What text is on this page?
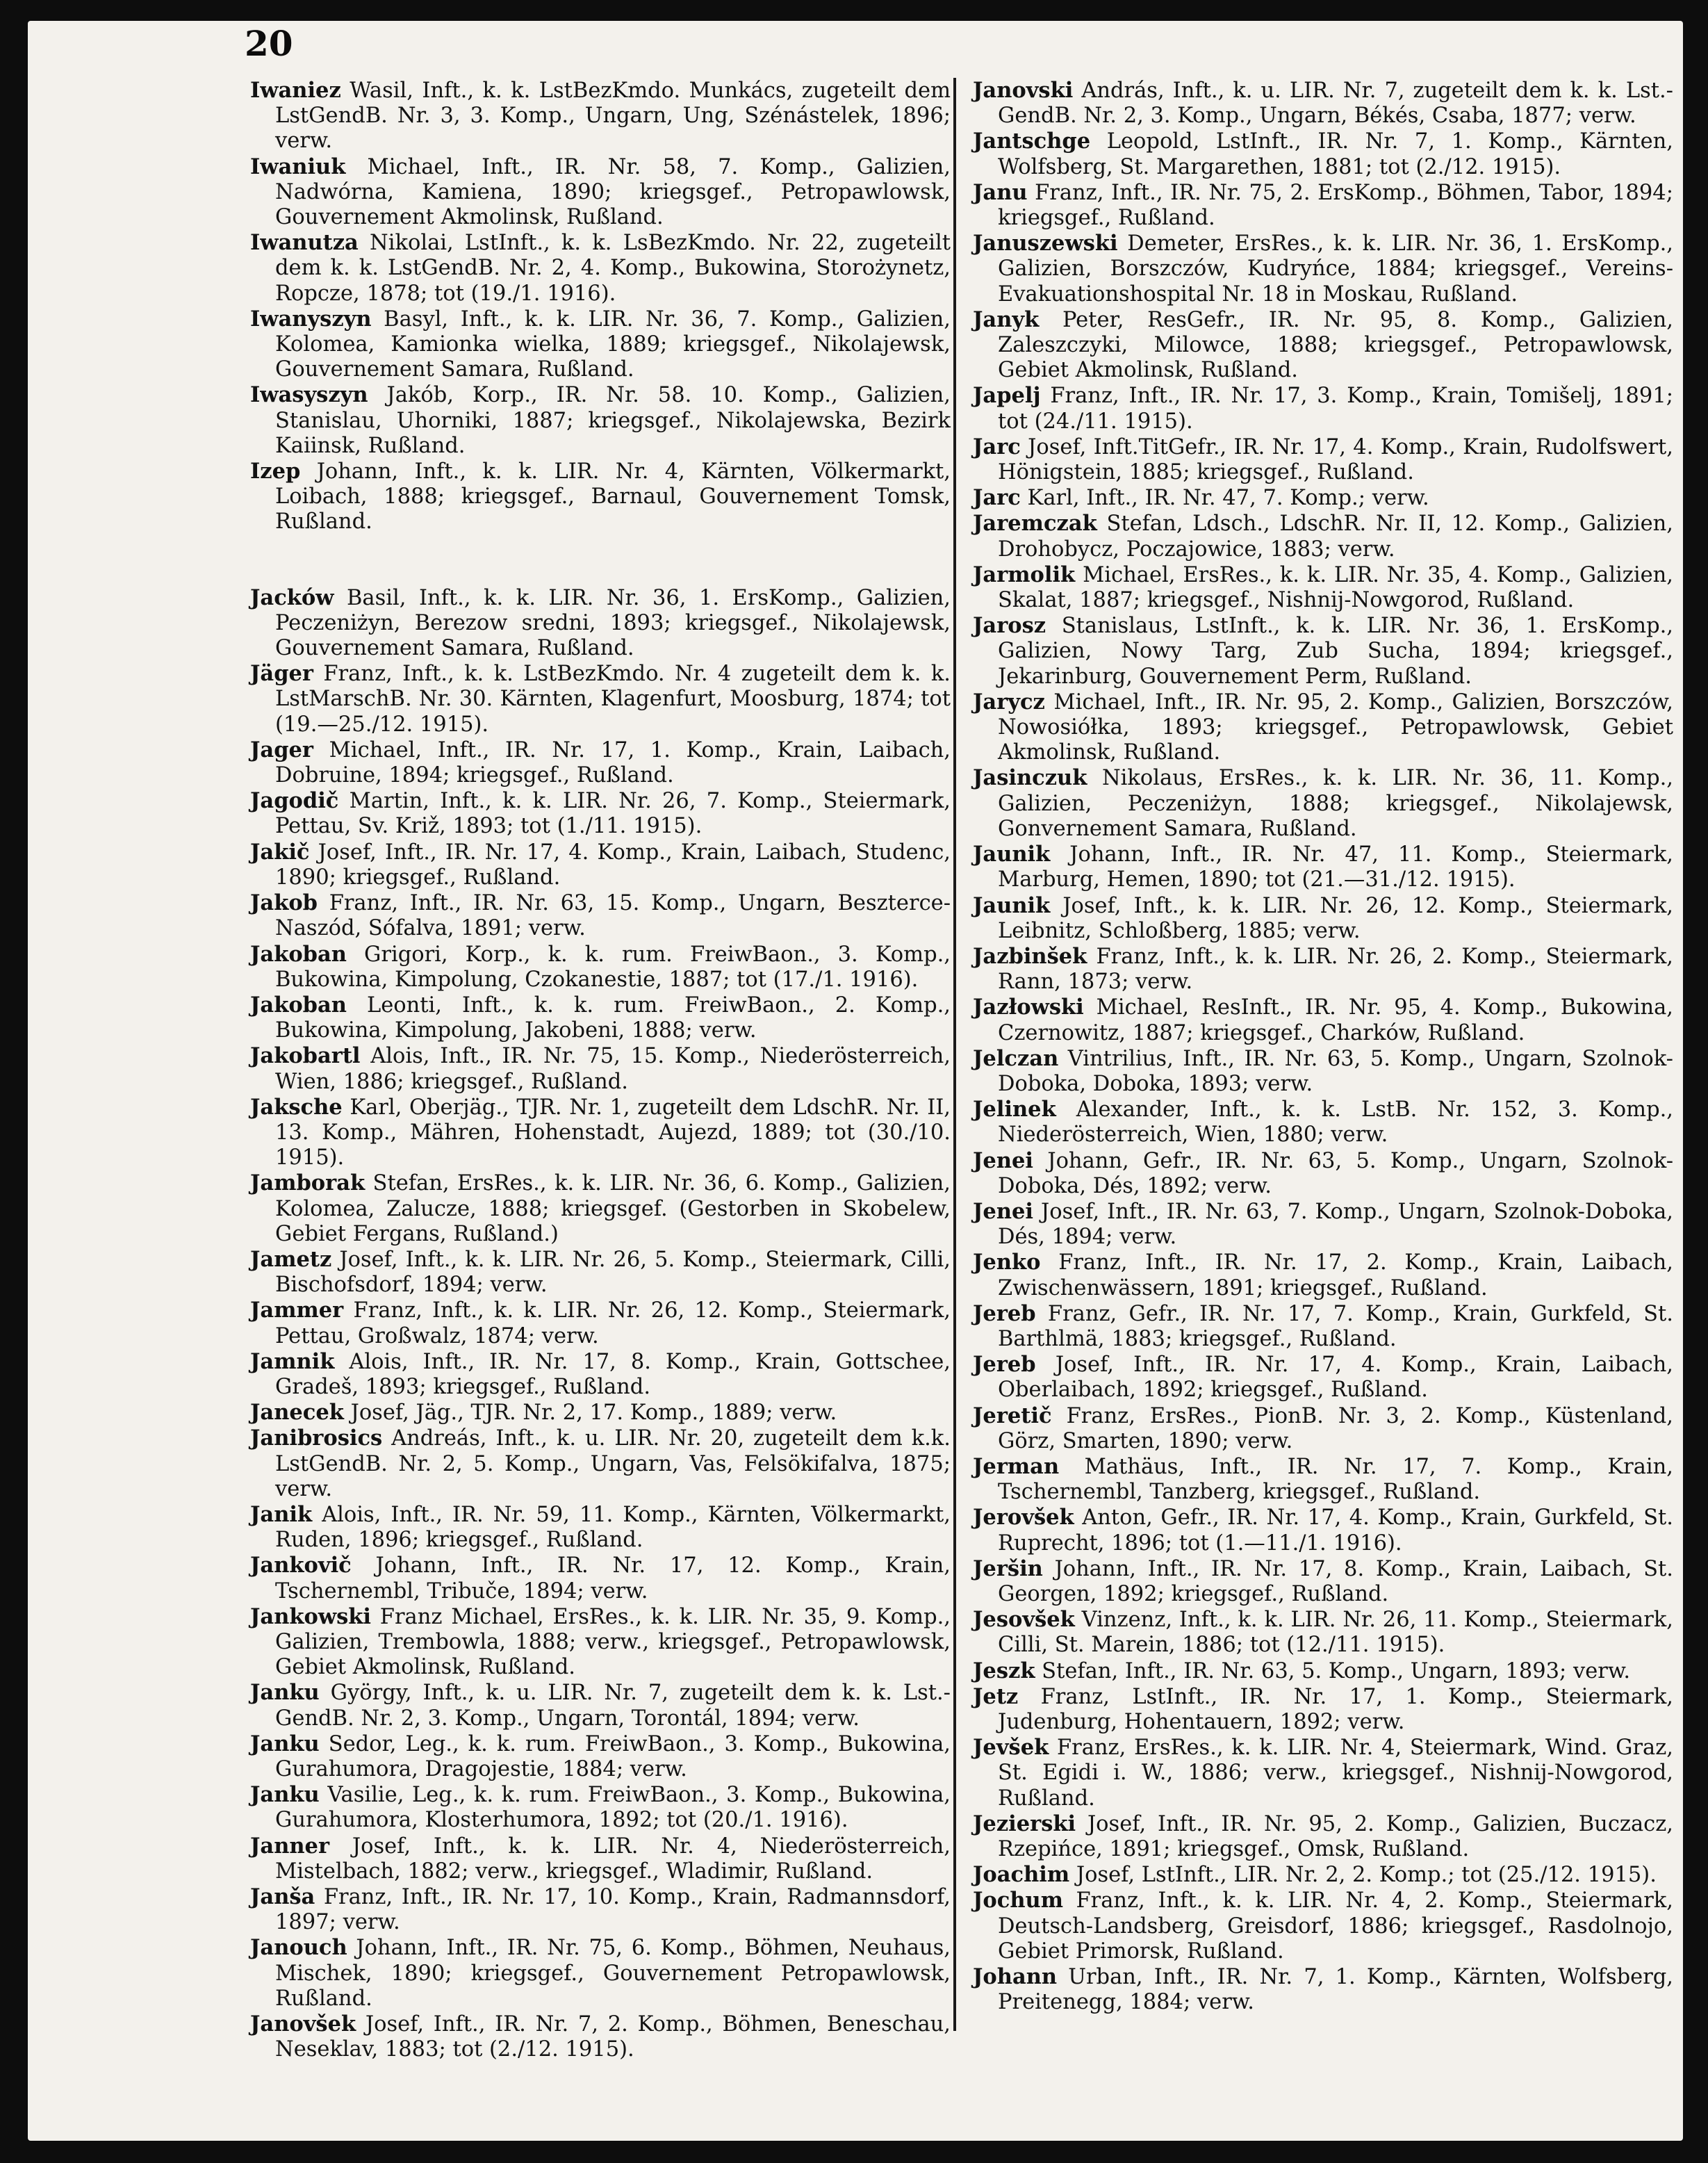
20

Iwaniez Wasil, Inft., k. k. LstBezKmdo. Munkács, zugeteilt dem LstGendB. Nr. 3, 3. Komp., Ungarn, Ung, Szénástelek, 1896; verw.

Iwaniuk Michael, Inft., IR. Nr. 58, 7. Komp., Galizien, Nadwórna, Kamiena, 1890; kriegsgef., Petropawlowsk, Gouvernement Akmolinsk, Rußland.

Iwanutza Nikolai, LstInft., k. k. LsBezKmdo. Nr. 22, zugeteilt dem k. k. LstGendB. Nr. 2, 4. Komp., Bukowina, Storożynetz, Ropcze, 1878; tot (19./1. 1916).

Iwanyszyn Basyl, Inft., k. k. LIR. Nr. 36, 7. Komp., Galizien, Kolomea, Kamionka wielka, 1889; kriegsgef., Nikolajewsk, Gouvernement Samara, Rußland.

Iwasyszyn Jakób, Korp., IR. Nr. 58. 10. Komp., Galizien, Stanislau, Uhorniki, 1887; kriegsgef., Nikolajewska, Bezirk Kaiinsk, Rußland.

Izep Johann, Inft., k. k. LIR. Nr. 4, Kärnten, Völkermarkt, Loibach, 1888; kriegsgef., Barnaul, Gouvernement Tomsk, Rußland.

Jacków Basil, Inft., k. k. LIR. Nr. 36, 1. ErsKomp., Galizien, Peczeniżyn, Berezow sredni, 1893; kriegsgef., Nikolajewsk, Gouvernement Samara, Rußland.

Jäger Franz, Inft., k. k. LstBezKmdo. Nr. 4 zugeteilt dem k. k. LstMarschB. Nr. 30. Kärnten, Klagenfurt, Moosburg, 1874; tot (19.—25./12. 1915).

Jager Michael, Inft., IR. Nr. 17, 1. Komp., Krain, Laibach, Dobruine, 1894; kriegsgef., Rußland.

Jagodič Martin, Inft., k. k. LIR. Nr. 26, 7. Komp., Steiermark, Pettau, Sv. Križ, 1893; tot (1./11. 1915).

Jakič Josef, Inft., IR. Nr. 17, 4. Komp., Krain, Laibach, Studenc, 1890; kriegsgef., Rußland.

Jakob Franz, Inft., IR. Nr. 63, 15. Komp., Ungarn, Beszterce-Naszód, Sófalva, 1891; verw.

Jakoban Grigori, Korp., k. k. rum. FreiwBaon., 3. Komp., Bukowina, Kimpolung, Czokanestie, 1887; tot (17./1. 1916).

Jakoban Leonti, Inft., k. k. rum. FreiwBaon., 2. Komp., Bukowina, Kimpolung, Jakobeni, 1888; verw.

Jakobartl Alois, Inft., IR. Nr. 75, 15. Komp., Niederösterreich, Wien, 1886; kriegsgef., Rußland.

Jaksche Karl, Oberjäg., TJR. Nr. 1, zugeteilt dem LdschR. Nr. II, 13. Komp., Mähren, Hohenstadt, Aujezd, 1889; tot (30./10. 1915).

Jamborak Stefan, ErsRes., k. k. LIR. Nr. 36, 6. Komp., Galizien, Kolomea, Zalucze, 1888; kriegsgef. (Gestorben in Skobelew, Gebiet Fergans, Rußland.)

Jametz Josef, Inft., k. k. LIR. Nr. 26, 5. Komp., Steiermark, Cilli, Bischofsdorf, 1894; verw.

Jammer Franz, Inft., k. k. LIR. Nr. 26, 12. Komp., Steiermark, Pettau, Großwalz, 1874; verw.

Jamnik Alois, Inft., IR. Nr. 17, 8. Komp., Krain, Gottschee, Gradeš, 1893; kriegsgef., Rußland.

Janecek Josef, Jäg., TJR. Nr. 2, 17. Komp., 1889; verw.

Janibrosics Andreás, Inft., k. u. LIR. Nr. 20, zugeteilt dem k.k. LstGendB. Nr. 2, 5. Komp., Ungarn, Vas, Felsökifalva, 1875; verw.

Janik Alois, Inft., IR. Nr. 59, 11. Komp., Kärnten, Völkermarkt, Ruden, 1896; kriegsgef., Rußland.

Jankovič Johann, Inft., IR. Nr. 17, 12. Komp., Krain, Tschernembl, Tribuče, 1894; verw.

Jankowski Franz Michael, ErsRes., k. k. LIR. Nr. 35, 9. Komp., Galizien, Trembowla, 1888; verw., kriegsgef., Petropawlowsk, Gebiet Akmolinsk, Rußland.

Janku György, Inft., k. u. LIR. Nr. 7, zugeteilt dem k. k. Lst.-GendB. Nr. 2, 3. Komp., Ungarn, Torontál, 1894; verw.

Janku Sedor, Leg., k. k. rum. FreiwBaon., 3. Komp., Bukowina, Gurahumora, Dragojestie, 1884; verw.

Janku Vasilie, Leg., k. k. rum. FreiwBaon., 3. Komp., Bukowina, Gurahumora, Klosterhumora, 1892; tot (20./1. 1916).

Janner Josef, Inft., k. k. LIR. Nr. 4, Niederösterreich, Mistelbach, 1882; verw., kriegsgef., Wladimir, Rußland.

Janša Franz, Inft., IR. Nr. 17, 10. Komp., Krain, Radmannsdorf, 1897; verw.

Janouch Johann, Inft., IR. Nr. 75, 6. Komp., Böhmen, Neuhaus, Mischek, 1890; kriegsgef., Gouvernement Petropawlowsk, Rußland.

Janovšek Josef, Inft., IR. Nr. 7, 2. Komp., Böhmen, Beneschau, Neseklav, 1883; tot (2./12. 1915).

Janovski András, Inft., k. u. LIR. Nr. 7, zugeteilt dem k. k. Lst.-GendB. Nr. 2, 3. Komp., Ungarn, Békés, Csaba, 1877; verw.

Jantschge Leopold, LstInft., IR. Nr. 7, 1. Komp., Kärnten, Wolfsberg, St. Margarethen, 1881; tot (2./12. 1915).

Janu Franz, Inft., IR. Nr. 75, 2. ErsKomp., Böhmen, Tabor, 1894; kriegsgef., Rußland.

Januszewski Demeter, ErsRes., k. k. LIR. Nr. 36, 1. ErsKomp., Galizien, Borszczów, Kudryńce, 1884; kriegsgef., Vereins-Evakuationshospital Nr. 18 in Moskau, Rußland.

Janyk Peter, ResGefr., IR. Nr. 95, 8. Komp., Galizien, Zaleszczyki, Milowce, 1888; kriegsgef., Petropawlowsk, Gebiet Akmolinsk, Rußland.

Japelj Franz, Inft., IR. Nr. 17, 3. Komp., Krain, Tomišelj, 1891; tot (24./11. 1915).

Jarc Josef, Inft.TitGefr., IR. Nr. 17, 4. Komp., Krain, Rudolfswert, Hönigstein, 1885; kriegsgef., Rußland.

Jarc Karl, Inft., IR. Nr. 47, 7. Komp.; verw.

Jaremczak Stefan, Ldsch., LdschR. Nr. II, 12. Komp., Galizien, Drohobycz, Poczajowice, 1883; verw.

Jarmolik Michael, ErsRes., k. k. LIR. Nr. 35, 4. Komp., Galizien, Skalat, 1887; kriegsgef., Nishnij-Nowgorod, Rußland.

Jarosz Stanislaus, LstInft., k. k. LIR. Nr. 36, 1. ErsKomp., Galizien, Nowy Targ, Zub Sucha, 1894; kriegsgef., Jekarinburg, Gouvernement Perm, Rußland.

Jarycz Michael, Inft., IR. Nr. 95, 2. Komp., Galizien, Borszczów, Nowosiółka, 1893; kriegsgef., Petropawlowsk, Gebiet Akmolinsk, Rußland.

Jasinczuk Nikolaus, ErsRes., k. k. LIR. Nr. 36, 11. Komp., Galizien, Peczeniżyn, 1888; kriegsgef., Nikolajewsk, Gonvernement Samara, Rußland.

Jaunik Johann, Inft., IR. Nr. 47, 11. Komp., Steiermark, Marburg, Hemen, 1890; tot (21.—31./12. 1915).

Jaunik Josef, Inft., k. k. LIR. Nr. 26, 12. Komp., Steiermark, Leibnitz, Schloßberg, 1885; verw.

Jazbinšek Franz, Inft., k. k. LIR. Nr. 26, 2. Komp., Steiermark, Rann, 1873; verw.

Jazłowski Michael, ResInft., IR. Nr. 95, 4. Komp., Bukowina, Czernowitz, 1887; kriegsgef., Charków, Rußland.

Jelczan Vintrilius, Inft., IR. Nr. 63, 5. Komp., Ungarn, Szolnok-Doboka, Doboka, 1893; verw.

Jelinek Alexander, Inft., k. k. LstB. Nr. 152, 3. Komp., Niederösterreich, Wien, 1880; verw.

Jenei Johann, Gefr., IR. Nr. 63, 5. Komp., Ungarn, Szolnok-Doboka, Dés, 1892; verw.

Jenei Josef, Inft., IR. Nr. 63, 7. Komp., Ungarn, Szolnok-Doboka, Dés, 1894; verw.

Jenko Franz, Inft., IR. Nr. 17, 2. Komp., Krain, Laibach, Zwischenwässern, 1891; kriegsgef., Rußland.

Jereb Franz, Gefr., IR. Nr. 17, 7. Komp., Krain, Gurkfeld, St. Barthlmä, 1883; kriegsgef., Rußland.

Jereb Josef, Inft., IR. Nr. 17, 4. Komp., Krain, Laibach, Oberlaibach, 1892; kriegsgef., Rußland.

Jeretič Franz, ErsRes., PionB. Nr. 3, 2. Komp., Küstenland, Görz, Smarten, 1890; verw.

Jerman Mathäus, Inft., IR. Nr. 17, 7. Komp., Krain, Tschernembl, Tanzberg, kriegsgef., Rußland.

Jerovšek Anton, Gefr., IR. Nr. 17, 4. Komp., Krain, Gurkfeld, St. Ruprecht, 1896; tot (1.—11./1. 1916).

Jeršin Johann, Inft., IR. Nr. 17, 8. Komp., Krain, Laibach, St. Georgen, 1892; kriegsgef., Rußland.

Jesovšek Vinzenz, Inft., k. k. LIR. Nr. 26, 11. Komp., Steiermark, Cilli, St. Marein, 1886; tot (12./11. 1915).

Jeszk Stefan, Inft., IR. Nr. 63, 5. Komp., Ungarn, 1893; verw.

Jetz Franz, LstInft., IR. Nr. 17, 1. Komp., Steiermark, Judenburg, Hohentauern, 1892; verw.

Jevšek Franz, ErsRes., k. k. LIR. Nr. 4, Steiermark, Wind. Graz, St. Egidi i. W., 1886; verw., kriegsgef., Nishnij-Nowgorod, Rußland.

Jezierski Josef, Inft., IR. Nr. 95, 2. Komp., Galizien, Buczacz, Rzepińce, 1891; kriegsgef., Omsk, Rußland.

Joachim Josef, LstInft., LIR. Nr. 2, 2. Komp.; tot (25./12. 1915).

Jochum Franz, Inft., k. k. LIR. Nr. 4, 2. Komp., Steiermark, Deutsch-Landsberg, Greisdorf, 1886; kriegsgef., Rasdolnojo, Gebiet Primorsk, Rußland.

Johann Urban, Inft., IR. Nr. 7, 1. Komp., Kärnten, Wolfsberg, Preitenegg, 1884; verw.
